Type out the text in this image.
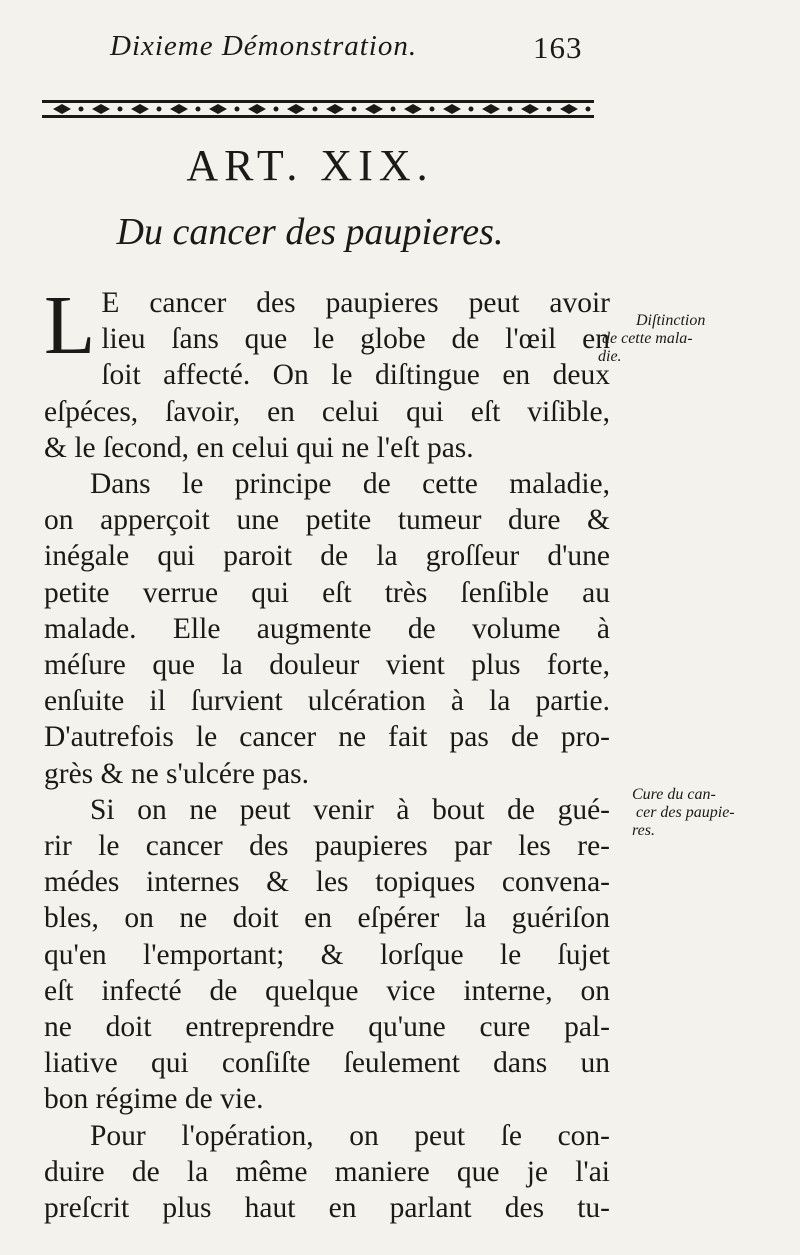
Dixieme Démonstration.	163
ART. XIX.
Du cancer des paupieres.
L E cancer des paupieres peut avoir
lieu ſans que le globe de l'œil en
ſoit affecté. On le diſtingue en deux
eſpéces, ſavoir, en celui qui eſt viſible,
& le ſecond, en celui qui ne l'eſt pas.
Dans le principe de cette maladie,
on apperçoit une petite tumeur dure &
inégale qui paroit de la groſſeur d'une
petite verrue qui eſt très ſenſible au
malade. Elle augmente de volume à
méſure que la douleur vient plus forte,
enſuite il ſurvient ulcération à la partie.
D'autrefois le cancer ne fait pas de pro-
grès & ne s'ulcére pas.
Si on ne peut venir à bout de gué-
rir le cancer des paupieres par les re-
médes internes & les topiques convena-
bles, on ne doit en eſpérer la guériſon
qu'en l'emportant; & lorſque le ſujet
eſt infecté de quelque vice interne, on
ne doit entreprendre qu'une cure pal-
liative qui conſiſte ſeulement dans un
bon régime de vie.
Pour l'opération, on peut ſe con-
duire de la même maniere que je l'ai
preſcrit plus haut en parlant des tu-
Diſtinction
de cette mala-
die.
Cure du can-
cer des paupie-
res.
